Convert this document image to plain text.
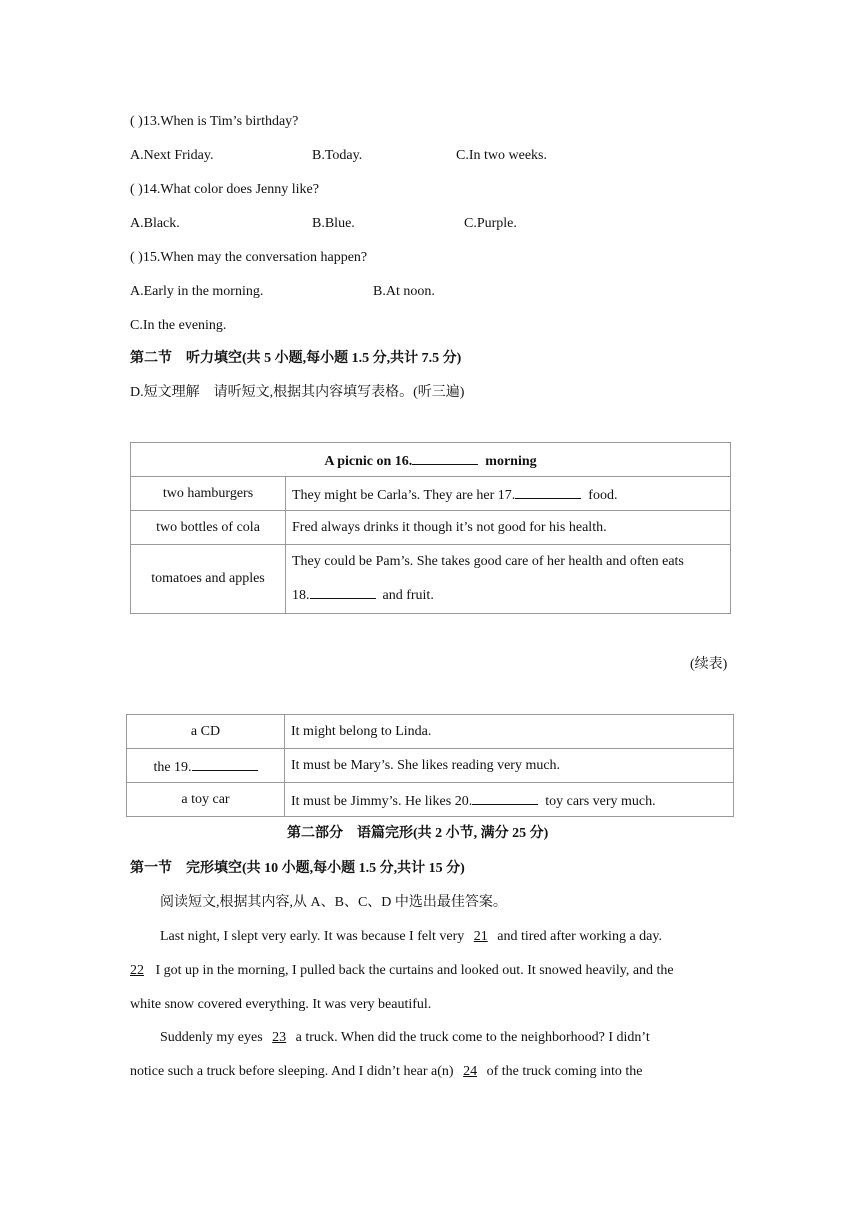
( )13.When is Tim’s birthday?
A.Next Friday.	B.Today.	C.In two weeks.
( )14.What color does Jenny like?
A.Black.	B.Blue.	C.Purple.
( )15.When may the conversation happen?
A.Early in the morning.	B.At noon.
C.In the evening.
第二节　听力填空(共 5 小题,每小题 1.5 分,共计 7.5 分)
D.短文理解　请听短文,根据其内容填写表格。(听三遍)
A picnic on 16. morning	
two hamburgers	They might be Carla’s. They are her 17. food.
two bottles of cola	Fred always drinks it though it’s not good for his health.
tomatoes and apples	They could be Pam’s. She takes good care of her health and often eats
18. and fruit.
(续表)
a CD	It might belong to Linda.
the 19.	It must be Mary’s. She likes reading very much.
a toy car	It must be Jimmy’s. He likes 20. toy cars very much.
第二部分　语篇完形(共 2 小节, 满分 25 分)
第一节　完形填空(共 10 小题,每小题 1.5 分,共计 15 分)
阅读短文,根据其内容,从 A、B、C、D 中选出最佳答案。
Last night, I slept very early. It was because I felt very 21 and tired after working a day.
22 I got up in the morning, I pulled back the curtains and looked out. It snowed heavily, and the
white snow covered everything. It was very beautiful.
Suddenly my eyes 23 a truck. When did the truck come to the neighborhood? I didn’t
notice such a truck before sleeping. And I didn’t hear a(n) 24 of the truck coming into the
